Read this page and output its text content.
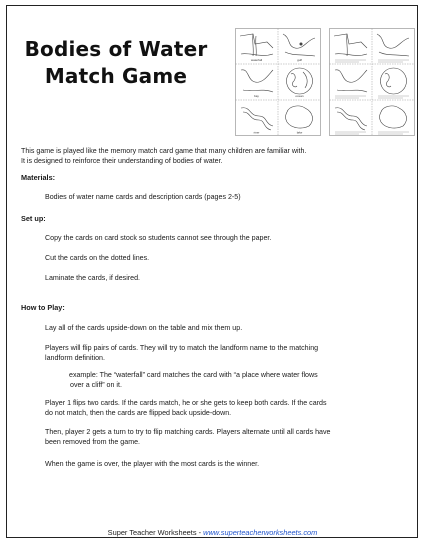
Bodies of Water
Match Game
waterfall	gulf
bay	ocean
river	lake
This game is played like the memory match card game that many children are familiar with.
It is designed to reinforce their understanding of bodies of water.
Materials:
Bodies of water name cards and description cards (pages 2-5)
Set up:
Copy the cards on card stock so students cannot see through the paper.
Cut the cards on the dotted lines.
Laminate the cards, if desired.
How to Play:
Lay all of the cards upside-down on the table and mix them up.
Players will flip pairs of cards. They will try to match the landform name to the matching
landform definition.
example: The “waterfall” card matches the card with “a place where water flows
over a cliff” on it.
Player 1 flips two cards. If the cards match, he or she gets to keep both cards. If the cards
do not match, then the cards are flipped back upside-down.
Then, player 2 gets a turn to try to flip matching cards. Players alternate until all cards have
been removed from the game.
When the game is over, the player with the most cards is the winner.
Super Teacher Worksheets - www.superteacherworksheets.com
